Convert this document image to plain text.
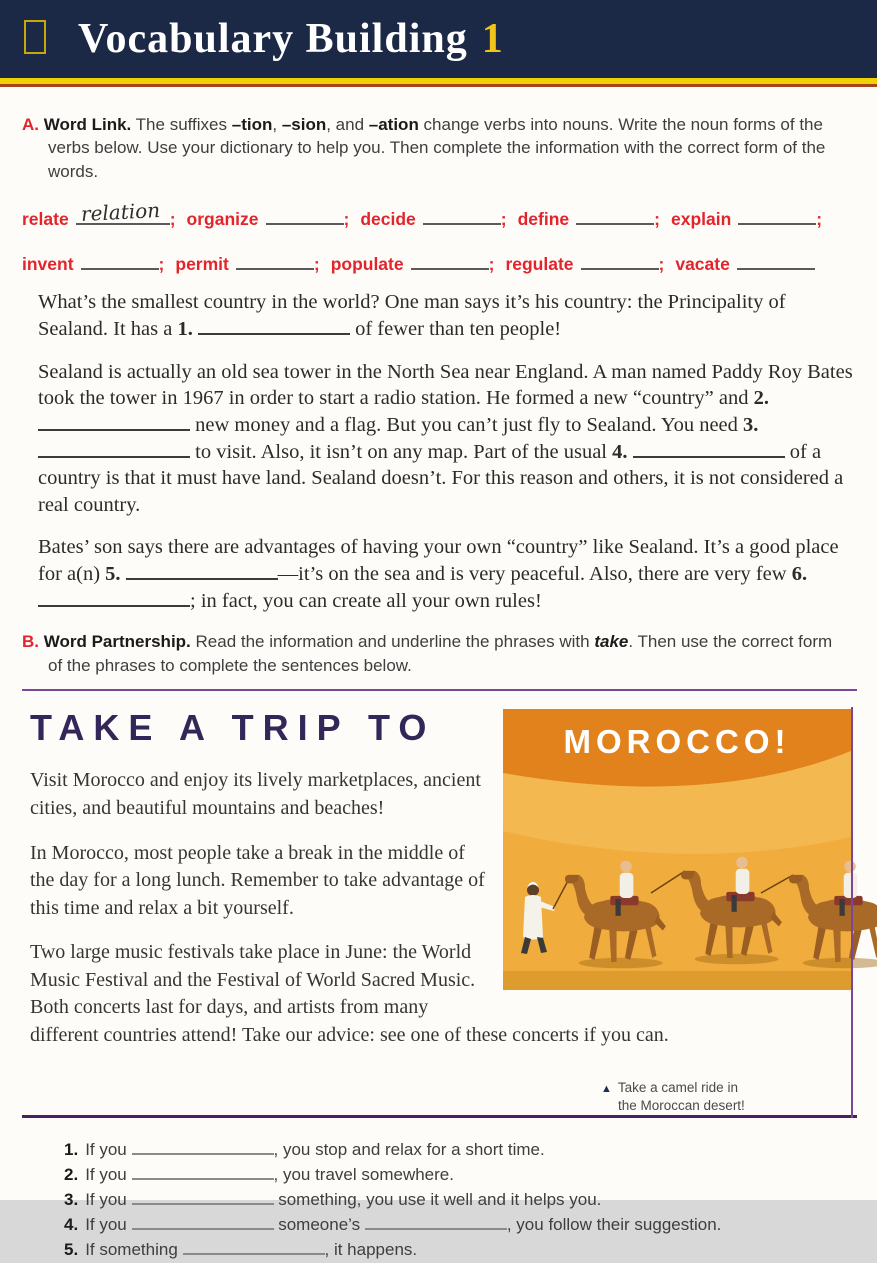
Vocabulary Building 1
A. Word Link. The suffixes –tion, –sion, and –ation change verbs into nouns. Write the noun forms of the verbs below. Use your dictionary to help you. Then complete the information with the correct form of the words.
relate relation ; organize	; decide	; define	; explain	;
invent	; permit	; populate	; regulate	; vacate

What’s the smallest country in the world? One man says it’s his country: the Principality of Sealand. It has a 1.	of fewer than ten people!

Sealand is actually an old sea tower in the North Sea near England. A man named Paddy Roy Bates took the tower in 1967 in order to start a radio station. He formed a new “country” and 2.  new money and a flag. But you can’t just fly to Sealand. You need 3.  to visit. Also, it isn’t on any map. Part of the usual 4.	of a country is that it must have land. Sealand doesn’t. For this reason and others, it is not considered a real country.

Bates’ son says there are advantages of having your own “country” like Sealand. It’s a good place for a(n) 5.	—it’s on the sea and is very peaceful. Also, there are very few 6. ; in fact, you can create all your own rules!

B. Word Partnership. Read the information and underline the phrases with take. Then use the correct form of the phrases to complete the sentences below.
MOROCCO!
TAKE A TRIP TO

Visit Morocco and enjoy its lively marketplaces, ancient cities, and beautiful mountains and beaches!

In Morocco, most people take a break in the middle of the day for a long lunch. Remember to take advantage of this time and relax a bit yourself.

Two large music festivals take place in June: the World Music Festival and the Festival of World Sacred Music. Both concerts last for days, and artists from many different countries attend! Take our advice: see one of these concerts if you can.

▲ Take a camel ride in
the Moroccan desert!
1. If you	, you stop and relax for a short time.
2. If you	, you travel somewhere.
3. If you	something, you use it well and it helps you.
4. If you	someone’s	, you follow their suggestion.
5. If something	, it happens.
